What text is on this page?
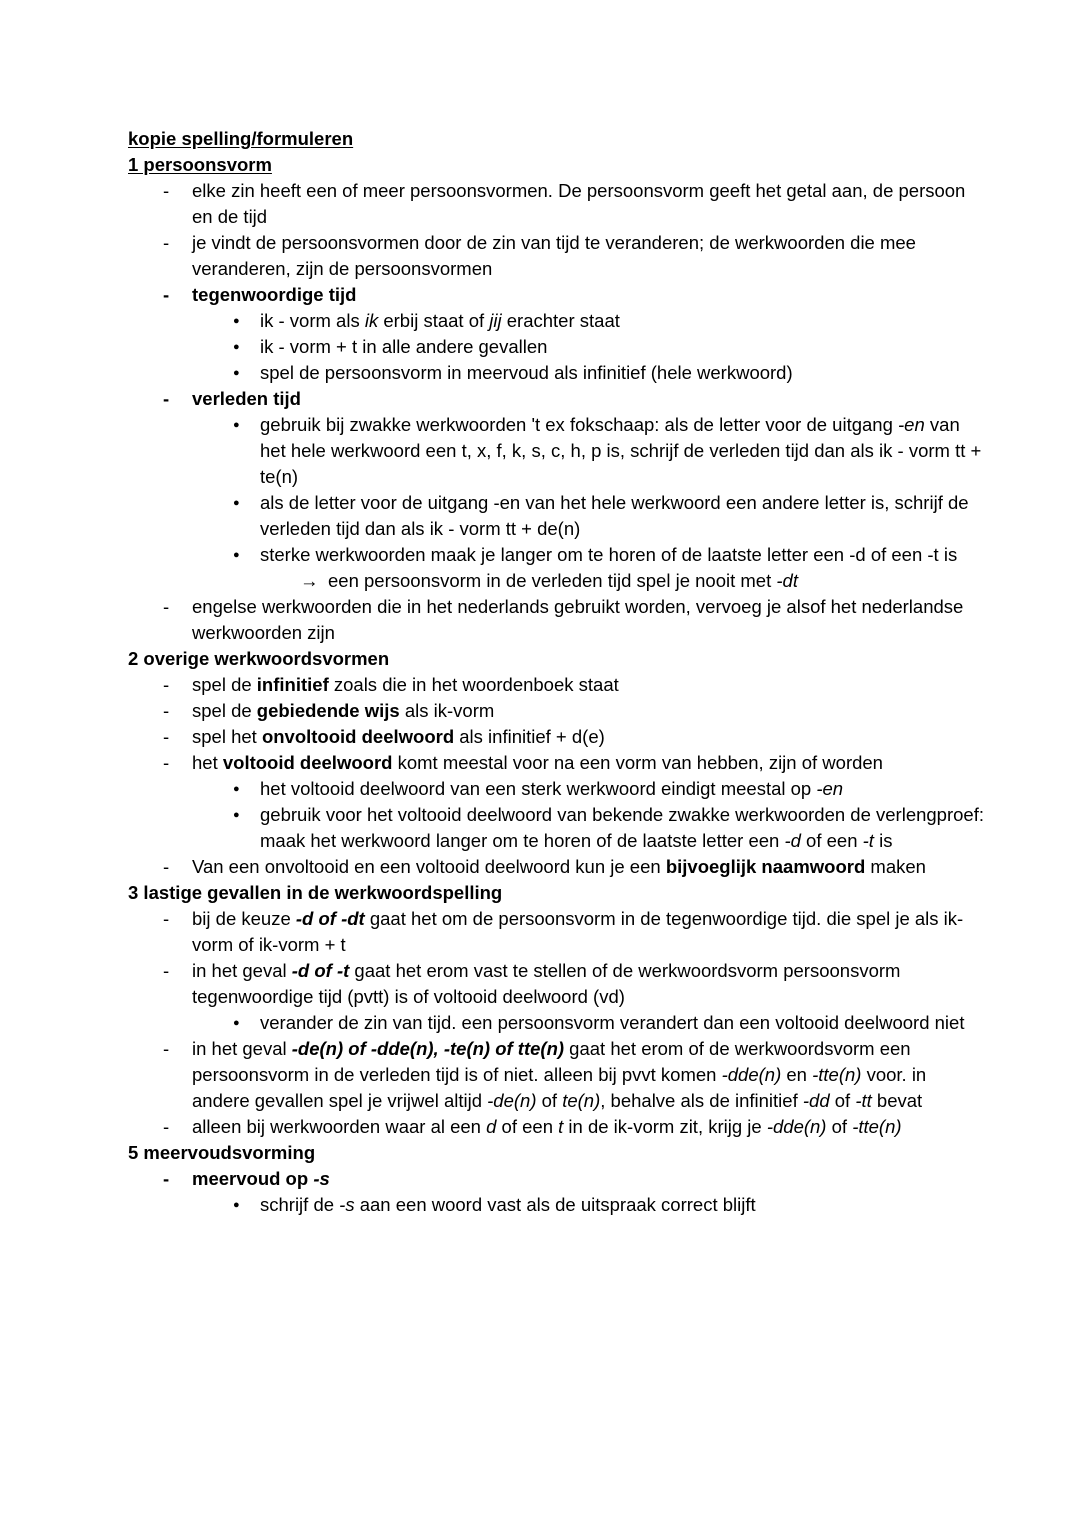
kopie spelling/formuleren
1 persoonsvorm
- elke zin heeft een of meer persoonsvormen. De persoonsvorm geeft het getal aan, de persoon en de tijd
- je vindt de persoonsvormen door de zin van tijd te veranderen; de werkwoorden die mee veranderen, zijn de persoonsvormen
- tegenwoordige tijd
● ik - vorm als ik erbij staat of jij erachter staat
● ik - vorm + t in alle andere gevallen
● spel de persoonsvorm in meervoud als infinitief (hele werkwoord)
- verleden tijd
● gebruik bij zwakke werkwoorden 't ex fokschaap: als de letter voor de uitgang -en van het hele werkwoord een t, x, f, k, s, c, h, p is, schrijf de verleden tijd dan als ik - vorm tt + te(n)
● als de letter voor de uitgang -en van het hele werkwoord een andere letter is, schrijf de verleden tijd dan als ik - vorm tt + de(n)
● sterke werkwoorden maak je langer om te horen of de laatste letter een -d of een -t is
→ een persoonsvorm in de verleden tijd spel je nooit met -dt
- engelse werkwoorden die in het nederlands gebruikt worden, vervoeg je alsof het nederlandse werkwoorden zijn
2 overige werkwoordsvormen
- spel de infinitief zoals die in het woordenboek staat
- spel de gebiedende wijs als ik-vorm
- spel het onvoltooid deelwoord als infinitief + d(e)
- het voltooid deelwoord komt meestal voor na een vorm van hebben, zijn of worden
● het voltooid deelwoord van een sterk werkwoord eindigt meestal op -en
● gebruik voor het voltooid deelwoord van bekende zwakke werkwoorden de verlengproef: maak het werkwoord langer om te horen of de laatste letter een -d of een -t is
- Van een onvoltooid en een voltooid deelwoord kun je een bijvoeglijk naamwoord maken
3 lastige gevallen in de werkwoordspelling
- bij de keuze -d of -dt gaat het om de persoonsvorm in de tegenwoordige tijd. die spel je als ik-vorm of ik-vorm + t
- in het geval -d of -t gaat het erom vast te stellen of de werkwoordsvorm persoonsvorm tegenwoordige tijd (pvtt) is of voltooid deelwoord (vd)
● verander de zin van tijd. een persoonsvorm verandert dan een voltooid deelwoord niet
- in het geval -de(n) of -dde(n), -te(n) of tte(n) gaat het erom of de werkwoordsvorm een persoonsvorm in de verleden tijd is of niet. alleen bij pvvt komen -dde(n) en -tte(n) voor. in andere gevallen spel je vrijwel altijd -de(n) of te(n), behalve als de infinitief -dd of -tt bevat
- alleen bij werkwoorden waar al een d of een t in de ik-vorm zit, krijg je -dde(n) of -tte(n)
5 meervoudsvorming
- meervoud op -s
● schrijf de -s aan een woord vast als de uitspraak correct blijft
